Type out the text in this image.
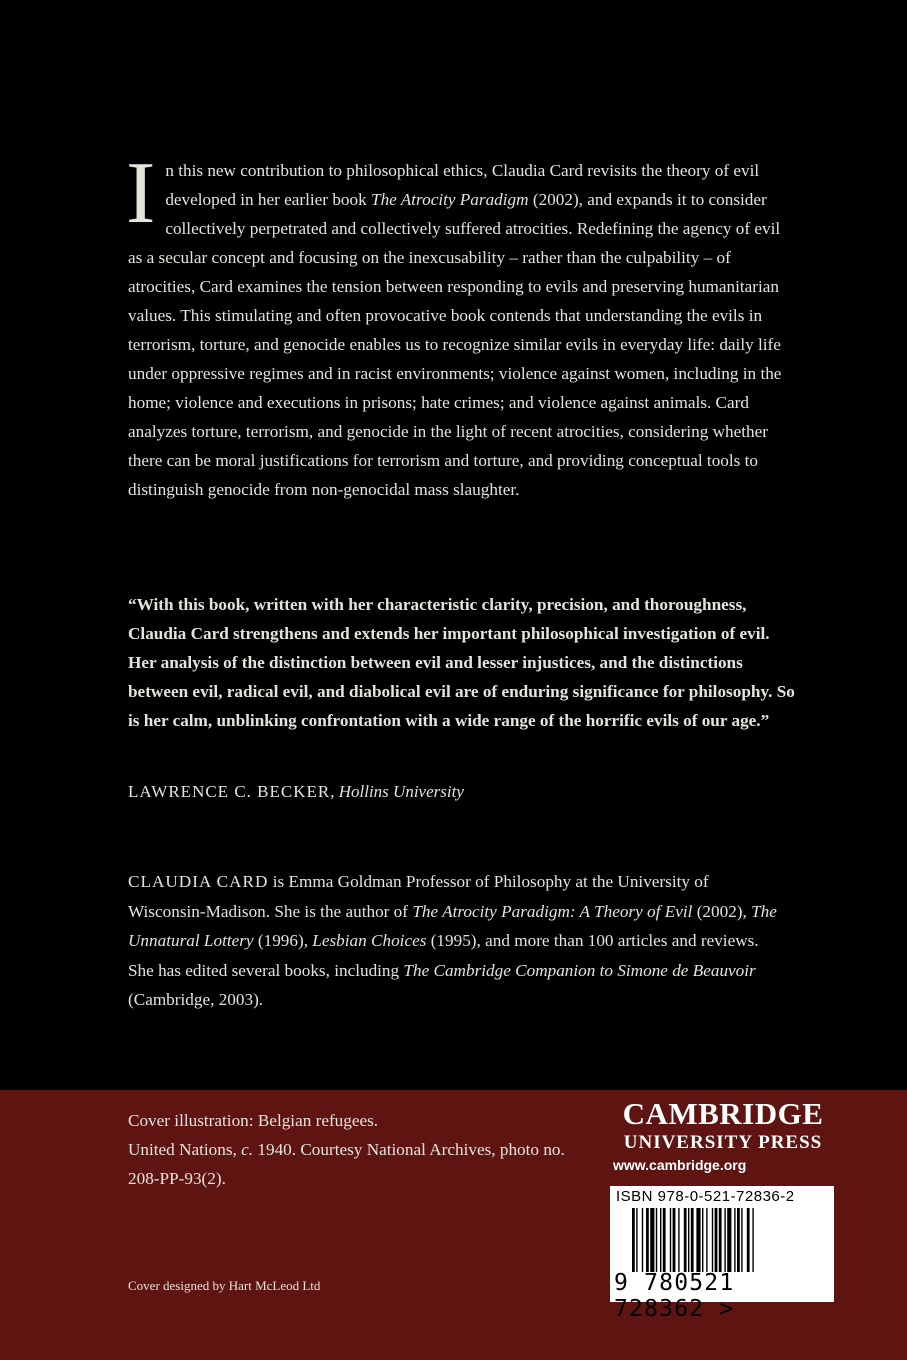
In this new contribution to philosophical ethics, Claudia Card revisits the theory of evil developed in her earlier book The Atrocity Paradigm (2002), and expands it to consider collectively perpetrated and collectively suffered atrocities. Redefining the agency of evil as a secular concept and focusing on the inexcusability – rather than the culpability – of atrocities, Card examines the tension between responding to evils and preserving humanitarian values. This stimulating and often provocative book contends that understanding the evils in terrorism, torture, and genocide enables us to recognize similar evils in everyday life: daily life under oppressive regimes and in racist environments; violence against women, including in the home; violence and executions in prisons; hate crimes; and violence against animals. Card analyzes torture, terrorism, and genocide in the light of recent atrocities, considering whether there can be moral justifications for terrorism and torture, and providing conceptual tools to distinguish genocide from non-genocidal mass slaughter.

“With this book, written with her characteristic clarity, precision, and thoroughness, Claudia Card strengthens and extends her important philosophical investigation of evil. Her analysis of the distinction between evil and lesser injustices, and the distinctions between evil, radical evil, and diabolical evil are of enduring significance for philosophy. So is her calm, unblinking confrontation with a wide range of the horrific evils of our age.”

LAWRENCE C. BECKER, Hollins University

CLAUDIA CARD is Emma Goldman Professor of Philosophy at the University of Wisconsin-Madison. She is the author of The Atrocity Paradigm: A Theory of Evil (2002), The Unnatural Lottery (1996), Lesbian Choices (1995), and more than 100 articles and reviews. She has edited several books, including The Cambridge Companion to Simone de Beauvoir (Cambridge, 2003).

Cover illustration: Belgian refugees.
United Nations, c. 1940. Courtesy National Archives, photo no. 208-PP-93(2).

Cover designed by Hart McLeod Ltd

CAMBRIDGE
UNIVERSITY PRESS
www.cambridge.org
ISBN 978-0-521-72836-2
9 780521 728362 >
